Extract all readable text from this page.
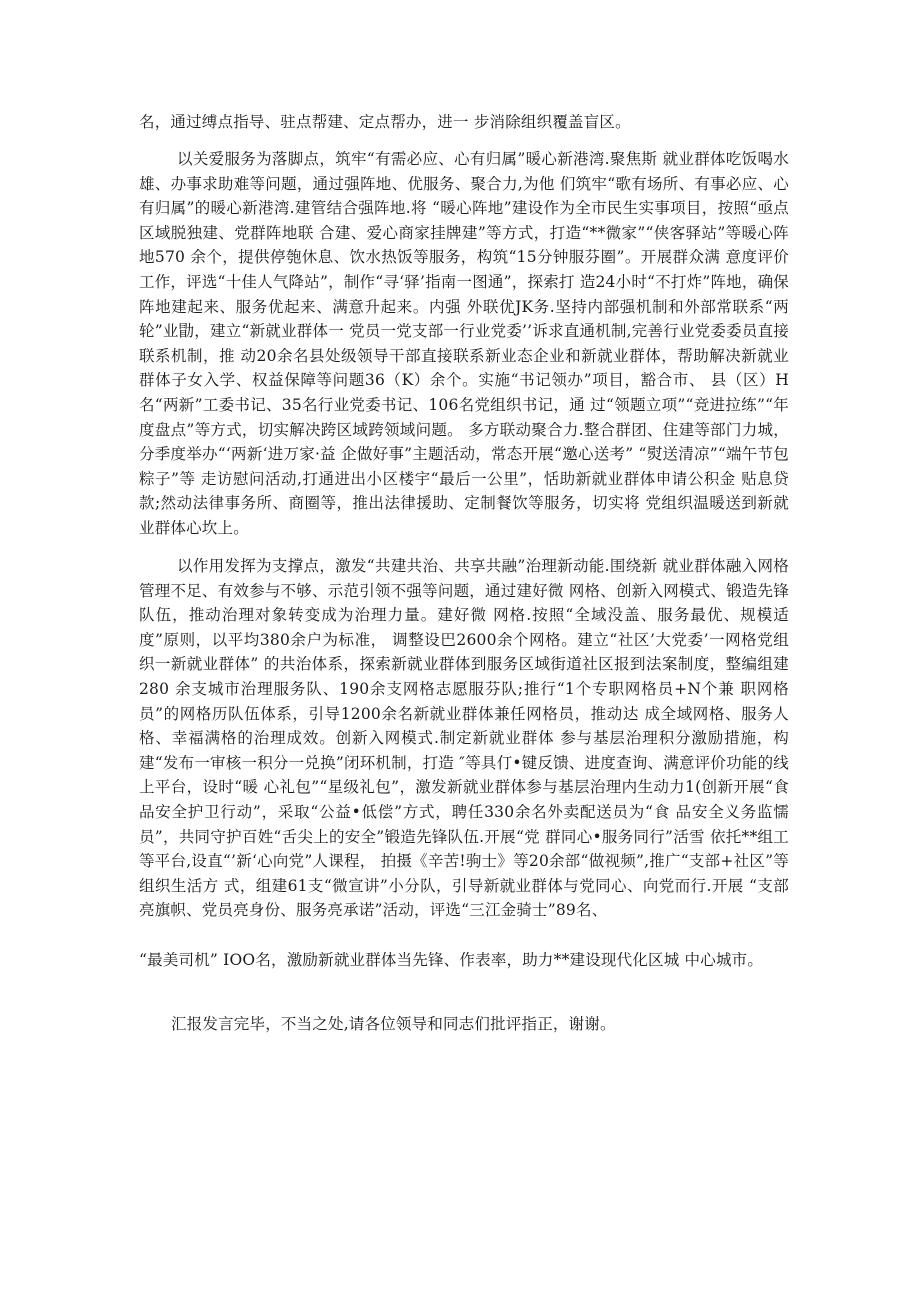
名，通过缚点指导、驻点帮建、定点帮办，进一 步消除组织覆盖盲区。

以关爱服务为落脚点，筑牢“有需必应、心有归属”暖心新港湾.聚焦斯 就业群体吃饭喝水雄、办事求助难等问题，通过强阵地、优服务、聚合力,为他 们筑牢“歌有场所、有事必应、心有归属”的暖心新港湾.建管结合强阵地.将 “暖心阵地”建设作为全市民生实事项目，按照“亟点区域脱独建、党群阵地联 合建、爱心商家挂牌建”等方式，打造“**微家”“侠客驿站”等暖心阵地570 余个，提供停匏休息、饮水热饭等服务，构筑“15分钟服芬圈”。开展群众满 意度评价工作，评选“十佳人气降站”，制作“寻‘驿’指南一图通”，探索打 造24小时“不打炸”阵地，确保阵地建起来、服务优起来、满意升起来。内强 外联优JK务.坚持内部强机制和外部常联系“两轮”业勖，建立“新就业群体一 党员一党支部一行业党委’’诉求直通机制,完善行业党委委员直接联系机制，推 动20余名县处级领导干部直接联系新业态企业和新就业群体，帮助解决新就业 群体子女入学、权益保障等问题36（K）余个。实施“书记领办”项目，豁合市、 县（区）H名“两新”工委书记、35名行业党委书记、106名党组织书记，通 过“领题立项”“竞进拉练”“年度盘点”等方式，切实解决跨区域跨领域问题。 多方联动聚合力.整合群团、住建等部门力城，分季度举办“‘两新‘进万家·益 企做好事”主题活动，常态开展“邀心送考” “熨送清凉”“端午节包粽子”等 走访慰问活动,打通进出小区楼宇“最后一公里”，恬助新就业群体申请公积金 贴息贷款;然动法律事务所、商圈等，推出法律援助、定制餐饮等服务，切实将 党组织温暖送到新就业群体心坎上。

以作用发挥为支撑点，激发“共建共治、共享共融”治理新动能.围绕新 就业群体融入网格管理不足、有效参与不够、示范引领不强等问题，通过建好微 网格、创新入网模式、锻造先锋队伍，推动治理对象转变成为治理力量。建好微 网格.按照“全域没盖、服务最优、规模适度”原则，以平均380余户为标准， 调整设巴2600余个网格。建立“社区’大党委’一网格党组织一新就业群体” 的共治体系，探索新就业群体到服务区域街道社区报到法案制度，整编组建280 余支城市治理服务队、190余支网格志愿服芬队;推行“1个专职网格员+N个兼 职网格员”的网格历队伍体系，引导1200余名新就业群体兼任网格员，推动达 成全域网格、服务人格、幸福满格的治理成效。创新入网模式.制定新就业群体 参与基层治理积分激励措施，构建“发布一审核一积分一兑换”闭环机制，打造 ″等具仃•键反馈、进度查询、满意评价功能的线上平台，设时“暖 心礼包”“星级礼包”，激发新就业群体参与基层治理内生动力1(创新开展“食 品安全护卫行动”，采取“公益•低偿”方式，聘任330余名外卖配送员为“食 品安全义务监懦员”，共同守护百姓“舌尖上的安全”锻造先锋队伍.开展“党 群同心•服务同行”活雪 依托**组工等平台,设直“’新‘心向党”人课程， 拍摄《辛苦!驹士》等20余部“做视频”,推广“支部+社区”等组织生活方 式，组建61支“微宣讲”小分队，引导新就业群体与党同心、向党而行.开展 “支部亮旗帜、党员亮身份、服务亮承诺”活动，评选“三江金骑士”89名、

“最美司机” IOO名，激励新就业群体当先锋、作表率，助力**建设现代化区城 中心城市。

汇报发言完毕，不当之处,请各位领导和同志们批评指正，谢谢。
